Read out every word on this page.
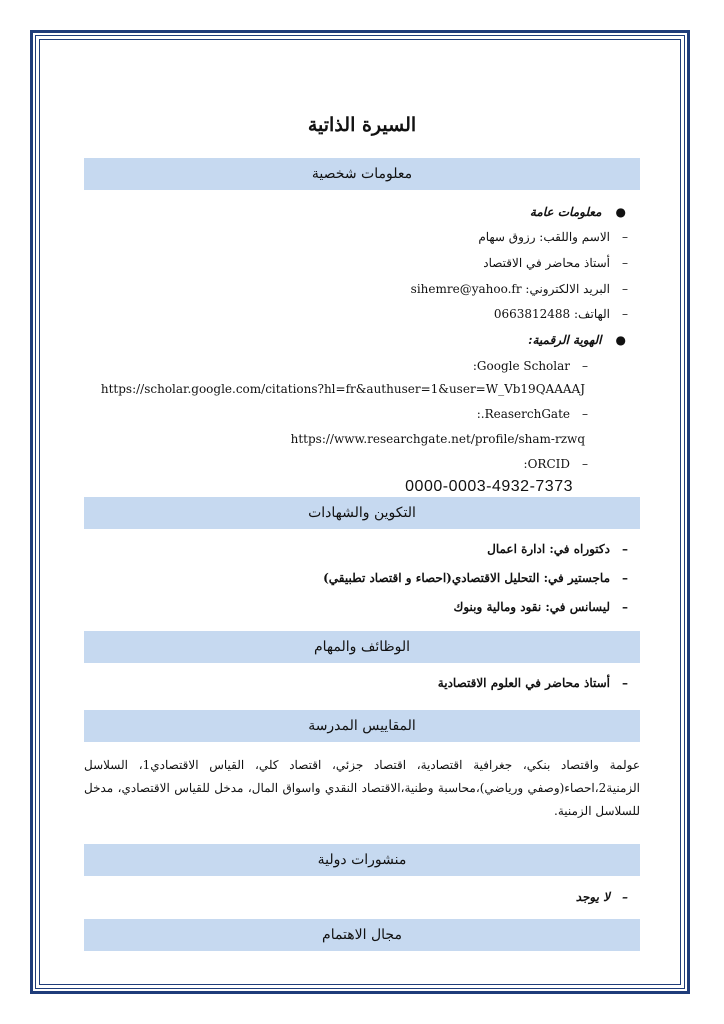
السيرة الذاتية
معلومات شخصية
●معلومات عامة
–الاسم واللقب: رزوق سهام
–أستاذ محاضر في الاقتصاد
–البريد الالكتروني: sihemre@yahoo.fr
–الهاتف: 0663812488
●الهوية الرقمية:
–Google Scholar:
https://scholar.google.com/citations?hl=fr&authuser=1&user=W_Vb19QAAAAJ
–ReaserchGate.:
https://www.researchgate.net/profile/sham-rzwq
–ORCID:
0000-0003-4932-7373
التكوين والشهادات
–دكتوراه في: ادارة اعمال
–ماجستير في: التحليل الاقتصادي(احصاء و اقتصاد تطبيقي)
–ليسانس في: نقود ومالية وبنوك
الوظائف والمهام
–أستاذ محاضر في العلوم الاقتصادية
المقاييس المدرسة
عولمة واقتصاد بنكي، جغرافية اقتصادية، اقتصاد جزئي، اقتصاد كلي، القياس الاقتصادي1، السلاسل الزمنية2،احصاء(وصفي ورياضي)،محاسبة وطنية،الاقتصاد النقدي واسواق المال، مدخل للقياس الاقتصادي، مدخل للسلاسل الزمنية.
منشورات دولية
–لا يوجد
مجال الاهتمام
